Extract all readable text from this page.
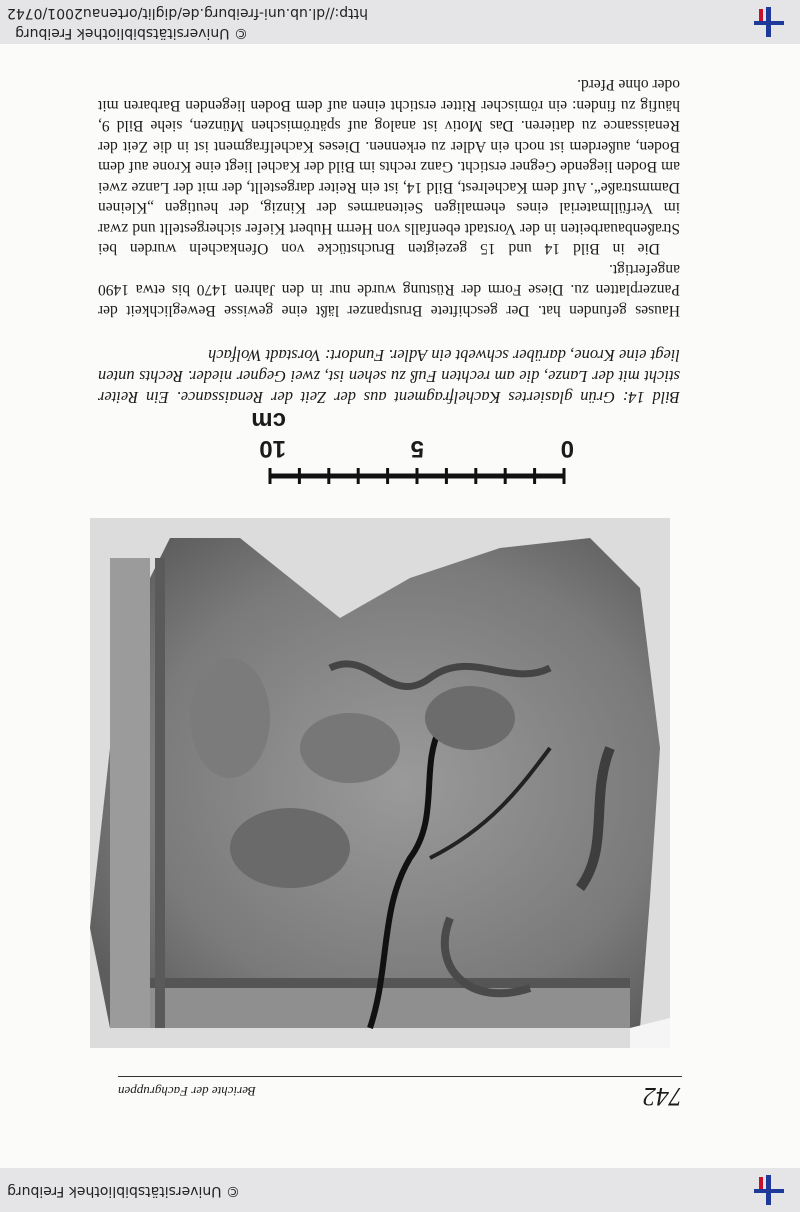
© Universitätsbibliothek Freiburg
742
Berichte der Fachgruppen
0
5
10 cm
Bild 14: Grün glasiertes Kachelfragment aus der Zeit der Renaissance. Ein Reiter sticht mit der Lanze, die am rechten Fuß zu sehen ist, zwei Gegner nieder. Rechts unten liegt eine Krone, darüber schwebt ein Adler. Fundort: Vorstadt Wolfach

Hauses gefunden hat. Der geschiftete Brustpanzer läßt eine gewisse Beweglichkeit der Panzerplatten zu. Diese Form der Rüstung wurde nur in den Jahren 1470 bis etwa 1490 angefertigt.

Die in Bild 14 und 15 gezeigten Bruchstücke von Ofenkacheln wurden bei Straßenbauarbeiten in der Vorstadt ebenfalls von Herrn Hubert Kiefer sichergestellt und zwar im Verfüllmaterial eines ehemaligen Seitenarmes der Kinzig, der heutigen „Kleinen Dammstraße“. Auf dem Kachelrest, Bild 14, ist ein Reiter dargestellt, der mit der Lanze zwei am Boden liegende Gegner ersticht. Ganz rechts im Bild der Kachel liegt eine Krone auf dem Boden, außerdem ist noch ein Adler zu erkennen. Dieses Kachelfragment ist in die Zeit der Renaissance zu datieren. Das Motiv ist analog auf spätrömischen Münzen, siehe Bild 9, häufig zu finden: ein römischer Ritter ersticht einen auf dem Boden liegenden Barbaren mit oder ohne Pferd.

© Universitätsbibliothek Freiburg
http://dl.ub.uni-freiburg.de/diglit/ortenau2001/0742
